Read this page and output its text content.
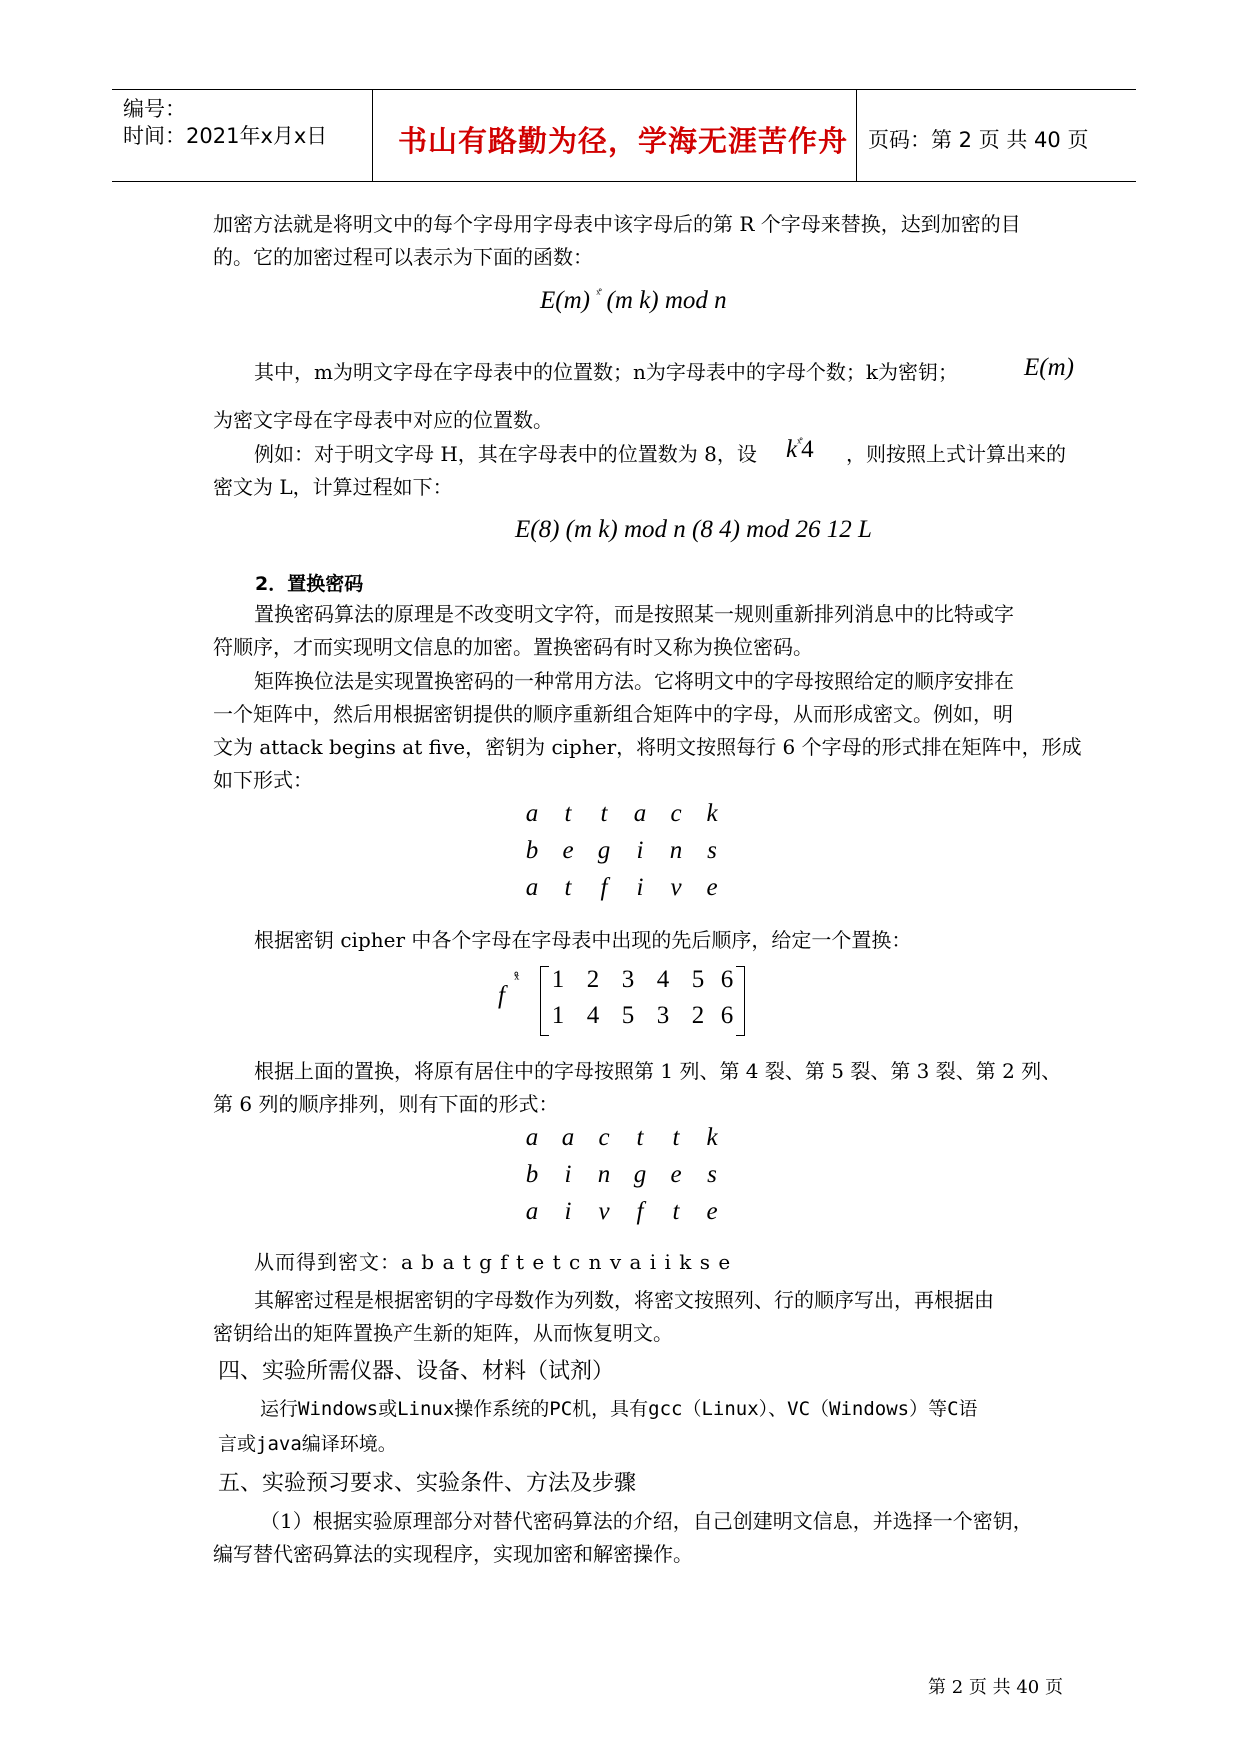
编号：
时间：2021年x月x日 书山有路勤为径，学海无涯苦作舟 页码：第 2 页 共 40 页
加密方法就是将明文中的每个字母用字母表中该字母后的第 R 个字母来替换，达到加密的目
的。它的加密过程可以表示为下面的函数：
E(m) $^{ˣ̊}$ (m k) mod n
其中，m为明文字母在字母表中的位置数；n为字母表中的字母个数；k为密钥；	E(m)
为密文字母在字母表中对应的位置数。
例如：对于明文字母 H，其在字母表中的位置数为 8，设 $k^{ˣ̊}4$ ，则按照上式计算出来的
密文为 L，计算过程如下：
E(8) (m k) mod n (8 4) mod 26 12 L
2．置换密码
置换密码算法的原理是不改变明文字符，而是按照某一规则重新排列消息中的比特或字
符顺序，才而实现明文信息的加密。置换密码有时又称为换位密码。
矩阵换位法是实现置换密码的一种常用方法。它将明文中的字母按照给定的顺序安排在
一个矩阵中，然后用根据密钥提供的顺序重新组合矩阵中的字母，从而形成密文。例如，明
文为 attack begins at five，密钥为 cipher，将明文按照每行 6 个字母的形式排在矩阵中，形成
如下形式：
a	t	t	a c k
b e g	i	n s
a	t	f	i	v e
根据密钥 cipher 中各个字母在字母表中出现的先后顺序，给定一个置换：
f
ˣ̊	1 2 3 4 5 6
1 4 5 3 2 6
根据上面的置换，将原有居住中的字母按照第 1 列、第 4 裂、第 5 裂、第 3 裂、第 2 列、
第 6 列的顺序排列，则有下面的形式：
a a c	t	t	k
b	i	n g e	s
a	i	v	f	t	e
从而得到密文：a b a t g f t e t c n v a i i k s e
其解密过程是根据密钥的字母数作为列数，将密文按照列、行的顺序写出，再根据由
密钥给出的矩阵置换产生新的矩阵，从而恢复明文。
四、实验所需仪器、设备、材料（试剂）
运行Windows或Linux操作系统的PC机，具有gcc（Linux）、VC（Windows）等C语
言或java编译环境。
五、实验预习要求、实验条件、方法及步骤
（1）根据实验原理部分对替代密码算法的介绍，自己创建明文信息，并选择一个密钥，
编写替代密码算法的实现程序，实现加密和解密操作。
第 2 页 共 40 页
